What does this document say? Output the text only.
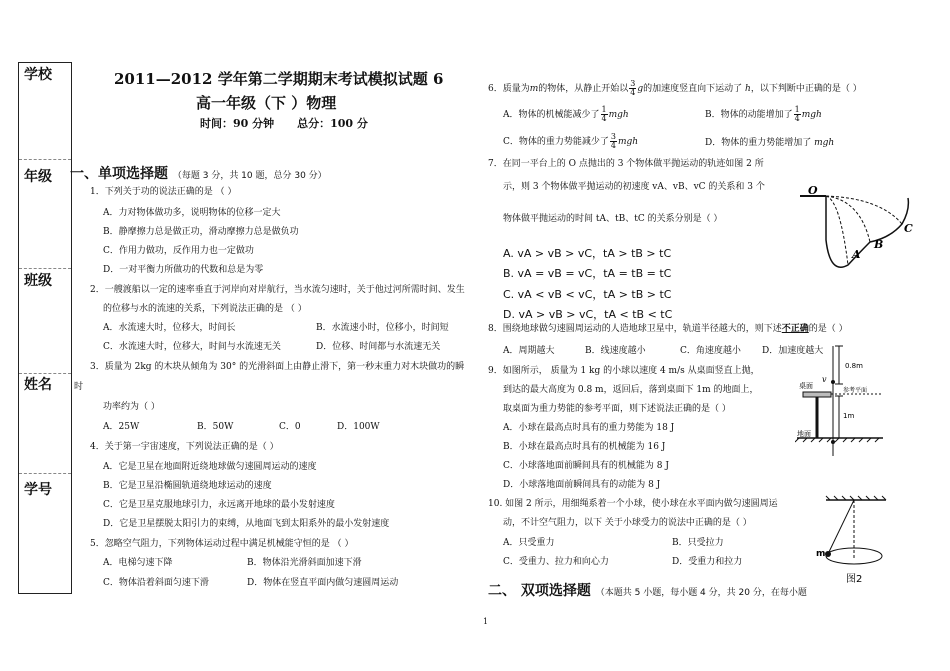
学校
年级
班级
姓名
学号
2011—2012 学年第二学期期末考试模拟试题 6
高一年级（下 ）物理
时间：90 分钟      总分：100 分
一、单项选择题 （每题 3 分，共 10 题，总分 30 分）
1．下列关于功的说法正确的是 （ ）
A．力对物体做功多，说明物体的位移一定大
B．静摩擦力总是做正功，滑动摩擦力总是做负功
C．作用力做功，反作用力也一定做功
D．一对平衡力所做功的代数和总是为零
2．一艘渡船以一定的速率垂直于河岸向对岸航行，当水流匀速时，关于他过河所需时间、发生
的位移与水的流速的关系，下列说法正确的是 （ ）
A．水流速大时，位移大，时间长	B．水流速小时，位移小，时间短
C．水流速大时，位移大，时间与水流速无关	D．位移、时间都与水流速无关
3．质量为 2kg 的木块从倾角为 30° 的光滑斜面上由静止滑下，第一秒末重力对木块做功的瞬
时
功率约为（ ）
A．25W	B．50W	C．0	D．100W
4．关于第一宇宙速度，下列说法正确的是（ ）
A．它是卫星在地面附近绕地球做匀速圆周运动的速度
B．它是卫星沿椭圆轨道绕地球运动的速度
C．它是卫星克服地球引力，永远离开地球的最小发射速度
D．它是卫星摆脱太阳引力的束缚，从地面飞到太阳系外的最小发射速度
5．忽略空气阻力，下列物体运动过程中满足机械能守恒的是 （ ）
A．电梯匀速下降	B．物体沿光滑斜面加速下滑
C．物体沿着斜面匀速下滑	D．物体在竖直平面内做匀速圆周运动
6．质量为 m 的物体，从静止开始以 $\frac{3}{4}$ g 的加速度竖直向下运动了
h ，以下判断中正确的是（ ）
A．物体的机械能减少了 $\frac{1}{4}$ mgh	B．物体的动能增加了 $\frac{1}{4}$ mgh
C．物体的重力势能减少了 $\frac{3}{4}$ mgh	D．物体的重力势能增加了
mgh
7．在同一平台上的 O 点抛出的 3 个物体做平抛运动的轨迹如图 2 所
示，则 3 个物体做平抛运动的初速度 vA、vB、vC 的关系和 3 个
物体做平抛运动的时间 tA、tB、tC 的关系分别是（ ）
A. vA > vB > vC，tA > tB > tC
B. vA = vB = vC，tA = tB = tC
C. vA < vB < vC，tA > tB > tC
D. vA > vB > vC，tA < tB < tC
O
A
B
C
8．围绕地球做匀速圆周运动的人造地球卫星中，轨道半径越大的，则下述不正确的是（ ）
A．周期越大	B．线速度越小	C．角速度越小 D．加速度越大
9．如图所示， 质量为 1 kg 的小球以速度 4 m/s 从桌面竖直上抛，
到达的最大高度为 0.8 m，返回后，落到桌面下 1m 的地面上，
取桌面为重力势能的参考平面，则下述说法正确的是（ ）
A．小球在最高点时具有的重力势能为 18 J
B．小球在最高点时具有的机械能为 16 J
C．小球落地面前瞬间具有的机械能为 8 J
D．小球落地面前瞬间具有的动能为 8 J
v
0.8m
桌面
参考平面
1m
地面
10. 如图 2 所示，用细绳系着一个小球，使小球在水平面内做匀速圆周运
动，不计空气阻力，以下 关于小球受力的说法中正确的是（ ）
A．只受重力	B．只受拉力
C．受重力、拉力和向心力	D．受重力和拉力
m
图2
二、 双项选择题 （本题共 5 小题，每小题 4 分，共 20 分，在每小题
1
